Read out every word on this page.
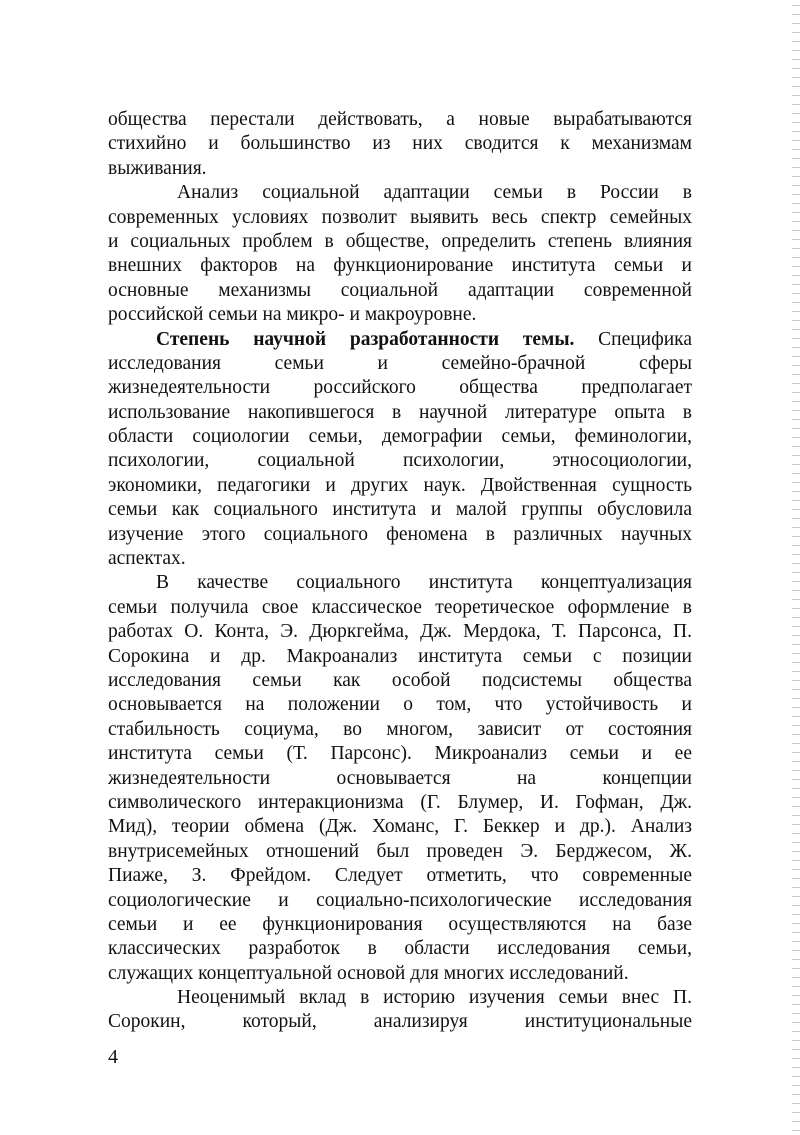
общества перестали действовать, а новые вырабатываются
стихийно и большинство из них сводится к механизмам
выживания.
Анализ социальной адаптации семьи в России в
современных условиях позволит выявить весь спектр семейных
и социальных проблем в обществе, определить степень влияния
внешних факторов на функционирование института семьи и
основные механизмы социальной адаптации современной
российской семьи на микро- и макроуровне.
Степень научной разработанности темы. Специфика
исследования семьи и семейно-брачной сферы
жизнедеятельности российского общества предполагает
использование накопившегося в научной литературе опыта в
области социологии семьи, демографии семьи, феминологии,
психологии, социальной психологии, этносоциологии,
экономики, педагогики и других наук. Двойственная сущность
семьи как социального института и малой группы обусловила
изучение этого социального феномена в различных научных
аспектах.
В качестве социального института концептуализация
семьи получила свое классическое теоретическое оформление в
работах О. Конта, Э. Дюркгейма, Дж. Мердока, Т. Парсонса, П.
Сорокина и др. Макроанализ института семьи с позиции
исследования семьи как особой подсистемы общества
основывается на положении о том, что устойчивость и
стабильность социума, во многом, зависит от состояния
института семьи (Т. Парсонс). Микроанализ семьи и ее
жизнедеятельности основывается на концепции
символического интеракционизма (Г. Блумер, И. Гофман, Дж.
Мид), теории обмена (Дж. Хоманс, Г. Беккер и др.). Анализ
внутрисемейных отношений был проведен Э. Берджесом, Ж.
Пиаже, З. Фрейдом. Следует отметить, что современные
социологические и социально-психологические исследования
семьи и ее функционирования осуществляются на базе
классических разработок в области исследования семьи,
служащих концептуальной основой для многих исследований.
Неоценимый вклад в историю изучения семьи внес П.
Сорокин, который, анализируя институциональные
4
